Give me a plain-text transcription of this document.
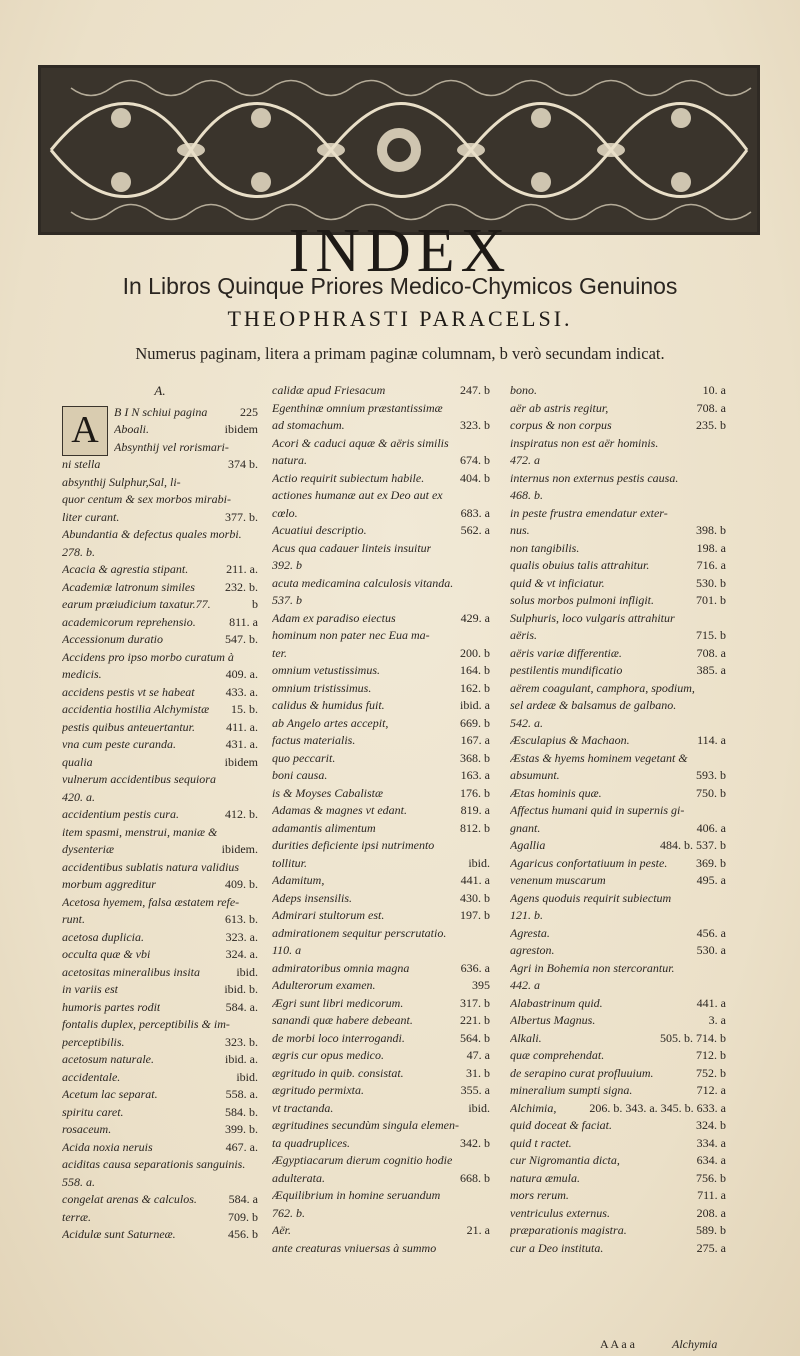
INDEX
In Libros Quinque Priores Medico-Chymicos Genuinos
THEOPHRASTI PARACELSI.
Numerus paginam, litera a primam paginæ columnam, b verò secundam indicat.
A.
A	B I N schiui pagina	225
Aboali.	ibidem
Absynthij vel rorismari-
ni stella	374 b.
absynthij Sulphur,Sal, li-
quor centum & sex morbos mirabi-
liter curant.	377. b.
Abundantia & defectus quales morbi.
278. b.
Acacia & agrestia stipant.	211. a.
Academiæ latronum similes	232. b.
earum præiudicium taxatur.77.	b
academicorum reprehensio.	811. a
Accessionum duratio	547. b.
Accidens pro ipso morbo curatum à
medicis.	409. a.
accidens pestis vt se habeat	433. a.
accidentia hostilia Alchymistæ	15. b.
pestis quibus anteuertantur.	411. a.
vna cum peste curanda.	431. a.
qualia	ibidem
vulnerum accidentibus sequiora
420. a.
accidentium pestis cura.	412. b.
item spasmi, menstrui, maniæ &
dysenteriæ	ibidem.
accidentibus sublatis natura validius
morbum aggreditur	409. b.
Acetosa hyemem, falsa æstatem refe-
runt.	613. b.
acetosa duplicia.	323. a.
occulta quæ & vbi	324. a.
acetositas mineralibus insita	ibid.
in variis est	ibid. b.
humoris partes rodit	584. a.
fontalis duplex, perceptibilis & im-
perceptibilis.	323. b.
acetosum naturale.	ibid. a.
accidentale.	ibid.
Acetum lac separat.	558. a.
spiritu caret.	584. b.
rosaceum.	399. b.
Acida noxia neruis	467. a.
aciditas causa separationis sanguinis.
558. a.
congelat arenas & calculos.	584. a
terræ.	709. b
Acidulæ sunt Saturneæ.	456. b
calidæ apud Friesacum	247. b
Egenthinæ omnium præstantissimæ
ad stomachum.	323. b
Acori & caduci aquæ & aëris similis
natura.	674. b
Actio requirit subiectum habile.	404. b
actiones humanæ aut ex Deo aut ex
cœlo.	683. a
Acuatiui descriptio.	562. a
Acus qua cadauer linteis insuitur
392. b
acuta medicamina calculosis vitanda.
537. b
Adam ex paradiso eiectus	429. a
hominum non pater nec Eua ma-
ter.	200. b
omnium vetustissimus.	164. b
omnium tristissimus.	162. b
calidus & humidus fuit.	ibid. a
ab Angelo artes accepit,	669. b
factus materialis.	167. a
quo peccarit.	368. b
boni causa.	163. a
is & Moyses Cabalistæ	176. b
Adamas & magnes vt edant.	819. a
adamantis alimentum	812. b
durities deficiente ipsi nutrimento
tollitur.	ibid.
Adamitum,	441. a
Adeps insensilis.	430. b
Admirari stultorum est.	197. b
admirationem sequitur perscrutatio.
110. a
admiratoribus omnia magna	636. a
Adulterorum examen.	395
Ægri sunt libri medicorum.	317. b
sanandi quæ habere debeant.	221. b
de morbi loco interrogandi.	564. b
ægris cur opus medico.	47. a
ægritudo in quib. consistat.	31. b
ægritudo permixta.	355. a
vt tractanda.	ibid.
ægritudines secundùm singula elemen-
ta quadruplices.	342. b
Ægyptiacarum dierum cognitio hodie
adulterata.	668. b
Æquilibrium in homine seruandum
762. b.
Aër.	21. a
ante creaturas vniuersas à summo
bono.	10. a
aër ab astris regitur,	708. a
corpus & non corpus	235. b
inspiratus non est aër hominis.
472. a
internus non externus pestis causa.
468. b.
in peste frustra emendatur exter-
nus.	398. b
non tangibilis.	198. a
qualis obuius talis attrahitur.	716. a
quid & vt inficiatur.	530. b
solus morbos pulmoni infligit.	701. b
Sulphuris, loco vulgaris attrahitur
aëris.	715. b
aëris variæ differentiæ.	708. a
pestilentis mundificatio	385. a
aërem coagulant, camphora, spodium,
sel ardeæ & balsamus de galbano.
542. a.
Æsculapius & Machaon.	114. a
Æstas & hyems hominem vegetant &
absumunt.	593. b
Ætas hominis quæ.	750. b
Affectus humani quid in supernis gi-
gnant.	406. a
Agallia	484. b. 537. b
Agaricus confortatiuum in peste.	369. b
venenum muscarum	495. a
Agens quoduis requirit subiectum
121. b.
Agresta.	456. a
agreston.	530. a
Agri in Bohemia non stercorantur.
442. a
Alabastrinum quid.	441. a
Albertus Magnus.	3. a
Alkali.	505. b. 714. b
quæ comprehendat.	712. b
de serapino curat profluuium.	752. b
mineralium sumpti signa.	712. a
Alchimia,	206. b. 343. a. 345. b. 633. a
quid doceat & faciat.	324. b
quid t ractet.	334. a
cur Nigromantia dicta,	634. a
natura æmula.	756. b
mors rerum.	711. a
ventriculus externus.	208. a
præparationis magistra.	589. b
cur a Deo instituta.	275. a
A A a a	Alchymia
